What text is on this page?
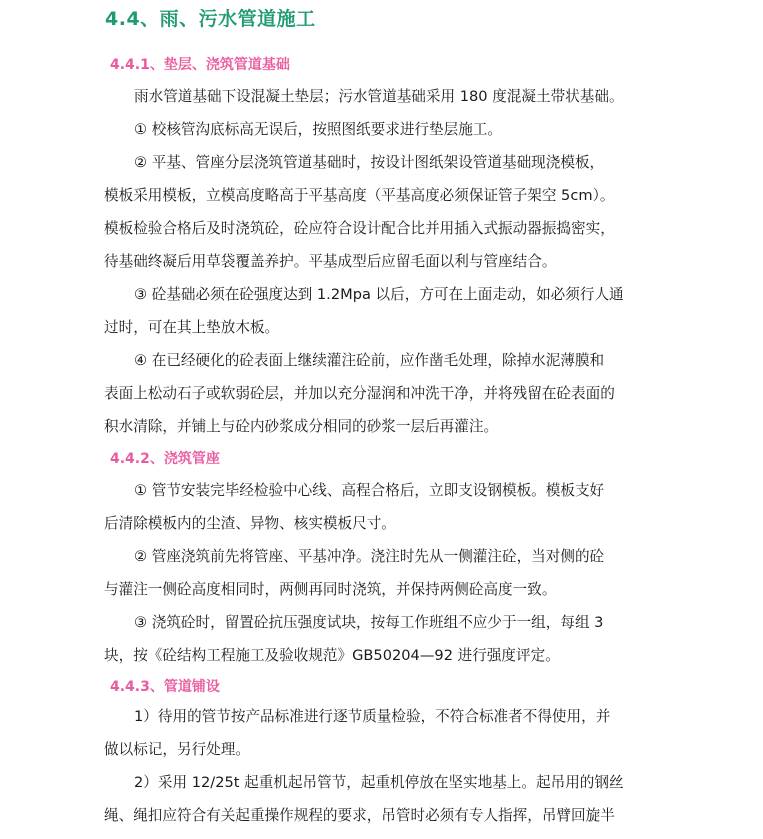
4.4、雨、污水管道施工
4.4.1、垫层、浇筑管道基础
雨水管道基础下设混凝土垫层；污水管道基础采用 180 度混凝土带状基础。
① 校核管沟底标高无误后，按照图纸要求进行垫层施工。
② 平基、管座分层浇筑管道基础时，按设计图纸架设管道基础现浇模板，
模板采用模板，立模高度略高于平基高度（平基高度必须保证管子架空 5cm）。
模板检验合格后及时浇筑砼，砼应符合设计配合比并用插入式振动器振捣密实，
待基础终凝后用草袋覆盖养护。平基成型后应留毛面以利与管座结合。
③ 砼基础必须在砼强度达到 1.2Mpa 以后，方可在上面走动，如必须行人通
过时，可在其上垫放木板。
④ 在已经硬化的砼表面上继续灌注砼前，应作凿毛处理，除掉水泥薄膜和
表面上松动石子或软弱砼层，并加以充分湿润和冲洗干净，并将残留在砼表面的
积水清除，并铺上与砼内砂浆成分相同的砂浆一层后再灌注。
4.4.2、浇筑管座
① 管节安装完毕经检验中心线、高程合格后，立即支设钢模板。模板支好
后清除模板内的尘渣、异物、核实模板尺寸。
② 管座浇筑前先将管座、平基冲净。浇注时先从一侧灌注砼，当对侧的砼
与灌注一侧砼高度相同时，两侧再同时浇筑，并保持两侧砼高度一致。
③ 浇筑砼时，留置砼抗压强度试块，按每工作班组不应少于一组，每组 3
块，按《砼结构工程施工及验收规范》GB50204—92 进行强度评定。
4.4.3、管道铺设
1）待用的管节按产品标准进行逐节质量检验，不符合标准者不得使用，并
做以标记，另行处理。
2）采用 12/25t 起重机起吊管节，起重机停放在坚实地基上。起吊用的钢丝
绳、绳扣应符合有关起重操作规程的要求，吊管时必须有专人指挥，吊臂回旋半
